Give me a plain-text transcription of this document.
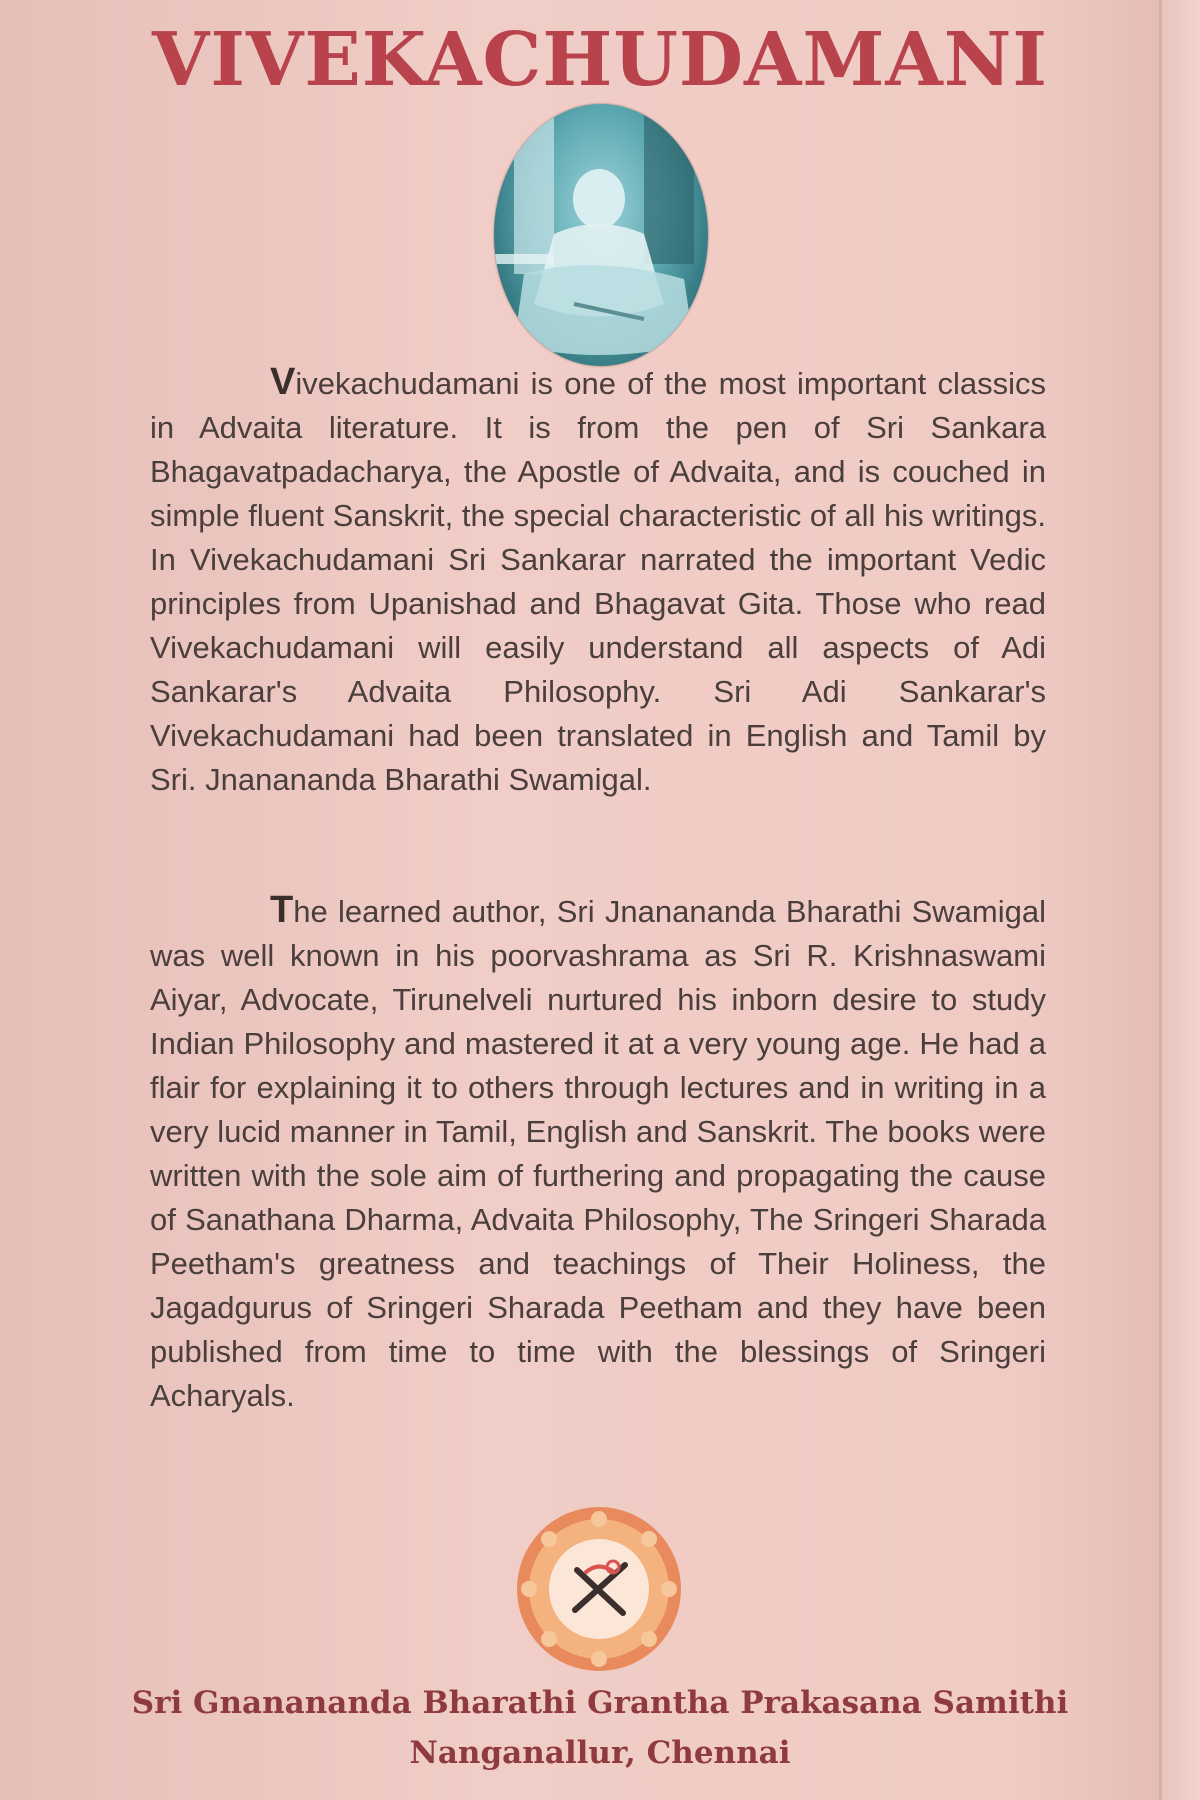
VIVEKACHUDAMANI

Vivekachudamani is one of the most important classics in Advaita literature. It is from the pen of Sri Sankara Bhagavatpadacharya, the Apostle of Advaita, and is couched in simple fluent Sanskrit, the special characteristic of all his writings. In Vivekachudamani Sri Sankarar narrated the important Vedic principles from Upanishad and Bhagavat Gita. Those who read Vivekachudamani will easily understand all aspects of Adi Sankarar's Advaita Philosophy. Sri Adi Sankarar's Vivekachudamani had been translated in English and Tamil by Sri. Jnanananda Bharathi Swamigal.

The learned author, Sri Jnanananda Bharathi Swamigal was well known in his poorvashrama as Sri R. Krishnaswami Aiyar, Advocate, Tirunelveli nurtured his inborn desire to study Indian Philosophy and mastered it at a very young age. He had a flair for explaining it to others through lectures and in writing in a very lucid manner in Tamil, English and Sanskrit. The books were written with the sole aim of furthering and propagating the cause of Sanathana Dharma, Advaita Philosophy, The Sringeri Sharada Peetham's greatness and teachings of Their Holiness, the Jagadgurus of Sringeri Sharada Peetham and they have been published from time to time with the blessings of Sringeri Acharyals.

Sri Gnanananda Bharathi Grantha Prakasana Samithi
Nanganallur, Chennai
